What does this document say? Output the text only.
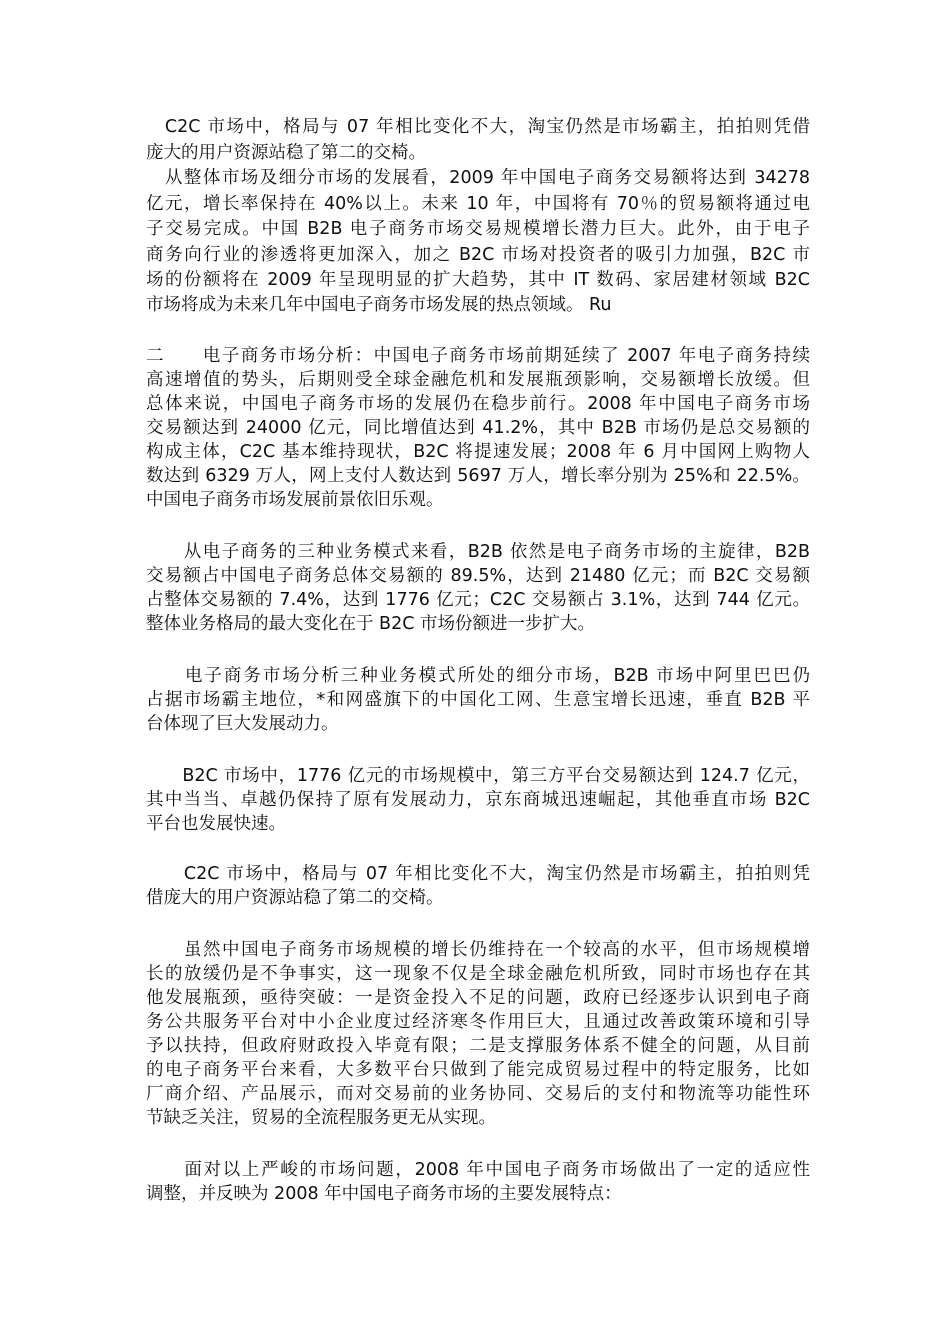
　C2C 市场中，格局与 07 年相比变化不大，淘宝仍然是市场霸主，拍拍则凭借
庞大的用户资源站稳了第二的交椅。
　从整体市场及细分市场的发展看，2009 年中国电子商务交易额将达到 34278
亿元，增长率保持在 40%以上。未来 10 年，中国将有 70％的贸易额将通过电
子交易完成。中国 B2B 电子商务市场交易规模增长潜力巨大。此外，由于电子
商务向行业的渗透将更加深入，加之 B2C 市场对投资者的吸引力加强，B2C 市
场的份额将在 2009 年呈现明显的扩大趋势，其中 IT 数码、家居建材领域 B2C
市场将成为未来几年中国电子商务市场发展的热点领域。 Ru
二　　电子商务市场分析：中国电子商务市场前期延续了 2007 年电子商务持续
高速增值的势头，后期则受全球金融危机和发展瓶颈影响，交易额增长放缓。但
总体来说，中国电子商务市场的发展仍在稳步前行。2008 年中国电子商务市场
交易额达到 24000 亿元，同比增值达到 41.2%，其中 B2B 市场仍是总交易额的
构成主体，C2C 基本维持现状，B2C 将提速发展；2008 年 6 月中国网上购物人
数达到 6329 万人，网上支付人数达到 5697 万人，增长率分别为 25%和 22.5%。
中国电子商务市场发展前景依旧乐观。
　　从电子商务的三种业务模式来看，B2B 依然是电子商务市场的主旋律，B2B
交易额占中国电子商务总体交易额的 89.5%，达到 21480 亿元；而 B2C 交易额
占整体交易额的 7.4%，达到 1776 亿元；C2C 交易额占 3.1%，达到 744 亿元。
整体业务格局的最大变化在于 B2C 市场份额进一步扩大。
　　电子商务市场分析三种业务模式所处的细分市场，B2B 市场中阿里巴巴仍
占据市场霸主地位，*和网盛旗下的中国化工网、生意宝增长迅速，垂直 B2B 平
台体现了巨大发展动力。
　　B2C 市场中，1776 亿元的市场规模中，第三方平台交易额达到 124.7 亿元，
其中当当、卓越仍保持了原有发展动力，京东商城迅速崛起，其他垂直市场 B2C
平台也发展快速。
　　C2C 市场中，格局与 07 年相比变化不大，淘宝仍然是市场霸主，拍拍则凭
借庞大的用户资源站稳了第二的交椅。
　　虽然中国电子商务市场规模的增长仍维持在一个较高的水平，但市场规模增
长的放缓仍是不争事实，这一现象不仅是全球金融危机所致，同时市场也存在其
他发展瓶颈，亟待突破：一是资金投入不足的问题，政府已经逐步认识到电子商
务公共服务平台对中小企业度过经济寒冬作用巨大，且通过改善政策环境和引导
予以扶持，但政府财政投入毕竟有限；二是支撑服务体系不健全的问题，从目前
的电子商务平台来看，大多数平台只做到了能完成贸易过程中的特定服务，比如
厂商介绍、产品展示，而对交易前的业务协同、交易后的支付和物流等功能性环
节缺乏关注，贸易的全流程服务更无从实现。
　　面对以上严峻的市场问题，2008 年中国电子商务市场做出了一定的适应性
调整，并反映为 2008 年中国电子商务市场的主要发展特点：
